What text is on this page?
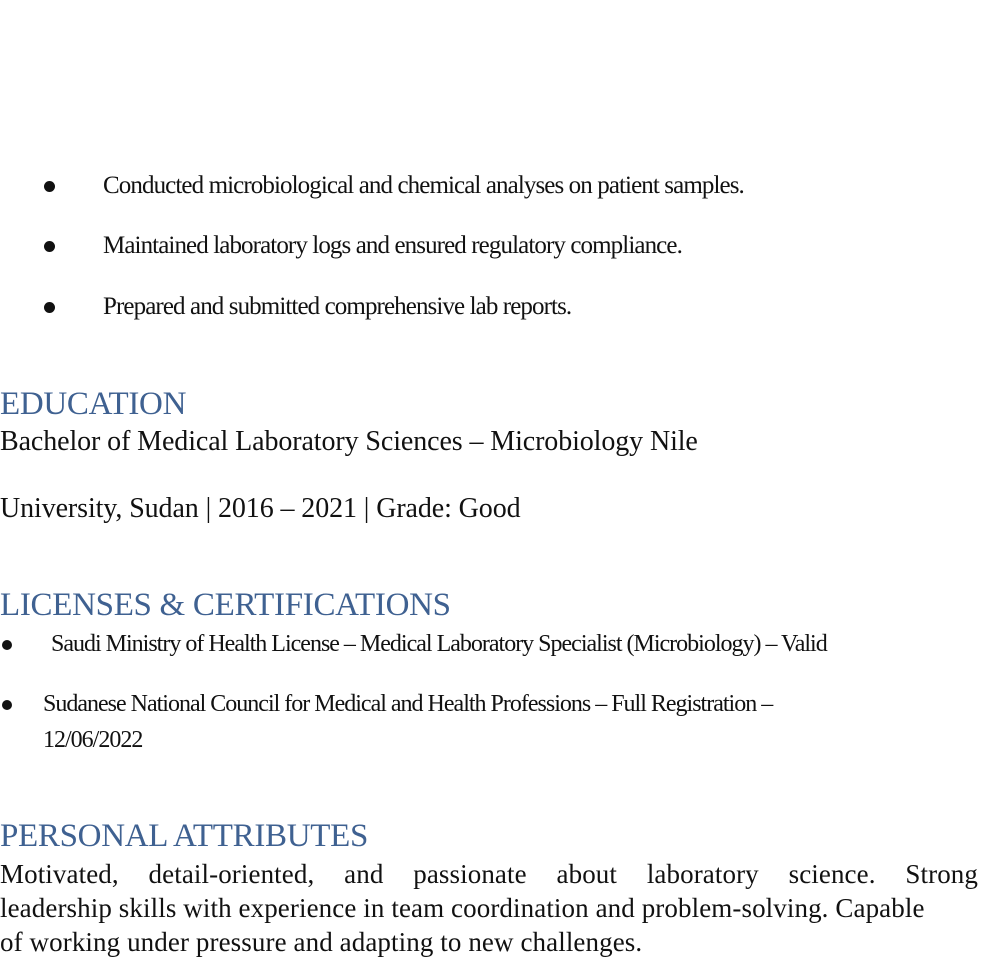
Conducted microbiological and chemical analyses on patient samples.
Maintained laboratory logs and ensured regulatory compliance.
Prepared and submitted comprehensive lab reports.
EDUCATION
Bachelor of Medical Laboratory Sciences – Microbiology Nile
University, Sudan | 2016 – 2021 | Grade: Good
LICENSES & CERTIFICATIONS
Saudi Ministry of Health License – Medical Laboratory Specialist (Microbiology) – Valid
Sudanese National Council for Medical and Health Professions – Full Registration –
12/06/2022
PERSONAL ATTRIBUTES
Motivated, detail-oriented, and passionate about laboratory science. Strong
leadership skills with experience in team coordination and problem-solving. Capable
of working under pressure and adapting to new challenges.
